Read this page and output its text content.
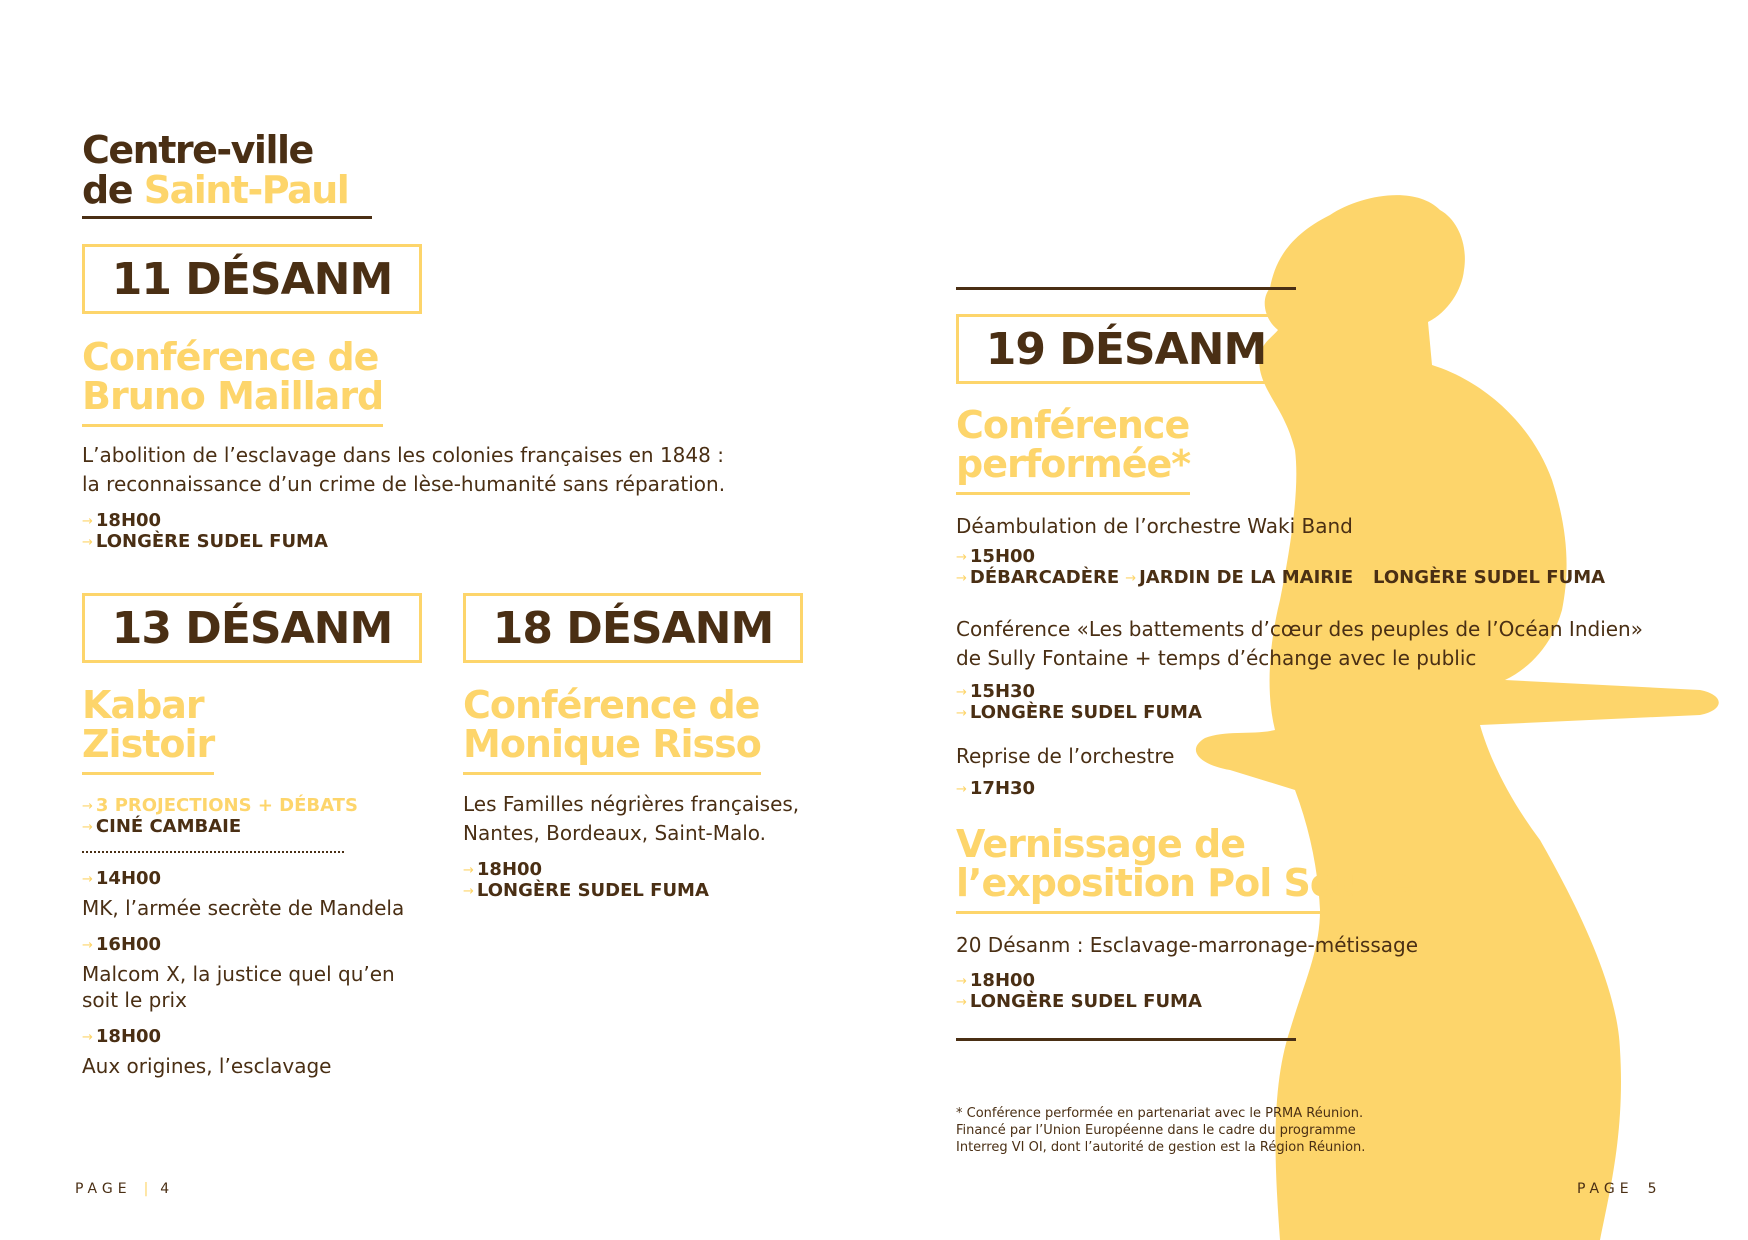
Centre-ville
de Saint-Paul
11 DÉSANM
Conférence de
Bruno Maillard
L’abolition de l’esclavage dans les colonies françaises en 1848 :
la reconnaissance d’un crime de lèse-humanité sans réparation.
→ 18H00
→ LONGÈRE SUDEL FUMA
13 DÉSANM
Kabar
Zistoir
→ 3 PROJECTIONS + DÉBATS
→ CINÉ CAMBAIE
→ 14H00
MK, l’armée secrète de Mandela
→ 16H00
Malcom X, la justice quel qu’en
soit le prix
→ 18H00
Aux origines, l’esclavage
18 DÉSANM
Conférence de
Monique Risso
Les Familles négrières françaises,
Nantes, Bordeaux, Saint-Malo.
→ 18H00
→ LONGÈRE SUDEL FUMA
PAGE | 4
19 DÉSANM
Conférence
performée*
Déambulation de l’orchestre Waki Band
→ 15H00
→ DÉBARCADÈRE → JARDIN DE LA MAIRIE → LONGÈRE SUDEL FUMA
Conférence «Les battements d’cœur des peuples de l’Océan Indien»
de Sully Fontaine + temps d’échange avec le public
→ 15H30
→ LONGÈRE SUDEL FUMA
Reprise de l’orchestre
→ 17H30
Vernissage de
l’exposition Pol Soupe
20 Désanm : Esclavage-marronage-métissage
→ 18H00
→ LONGÈRE SUDEL FUMA
* Conférence performée en partenariat avec le PRMA Réunion.
Financé par l’Union Européenne dans le cadre du programme
Interreg VI OI, dont l’autorité de gestion est la Région Réunion.
PAGE 5
